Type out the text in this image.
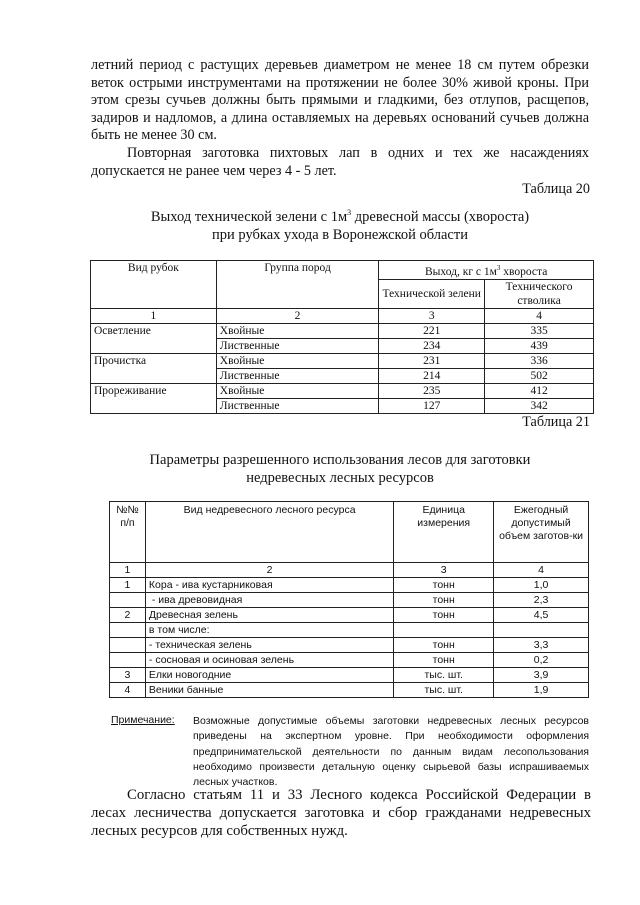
летний период с растущих деревьев диаметром не менее 18 см путем обрезки веток острыми инструментами на протяжении не более 30% живой кроны. При этом срезы сучьев должны быть прямыми и гладкими, без отлупов, расщепов, задиров и надломов, а длина оставляемых на деревьях оснований сучьев должна быть не менее 30 см.

Повторная заготовка пихтовых лап в одних и тех же насаждениях допускается не ранее чем через 4 - 5 лет.

Таблица 20
Выход технической зелени с $1м^3$ древесной массы (хвороста)
при рубках ухода в Воронежской области
Вид рубок	Группа пород	Выход, кг с $1м^3$ хвороста	
		Технической зелени	Технического стволика
1	2	3	4
Осветление	Хвойные	221	335
	Лиственные	234	439
Прочистка	Хвойные	231	336
	Лиственные	214	502
Прореживание	Хвойные	235	412
	Лиственные	127	342
Таблица 21
Параметры разрешенного использования лесов для заготовки
недревесных лесных ресурсов
№№ п/п	Вид недревесного лесного ресурса	Единица измерения	Ежегодный допустимый объем заготов-ки
1	2	3	4
1	Кора - ива кустарниковая	тонн	1,0
	- ива древовидная	тонн	2,3
2	Древесная зелень	тонн	4,5
	в том числе:		
	- техническая зелень	тонн	3,3
	- сосновая и осиновая зелень	тонн	0,2
3	Елки новогодние	тыс. шт.	3,9
4	Веники банные	тыс. шт.	1,9
Примечание: Возможные допустимые объемы заготовки недревесных лесных ресурсов приведены на экспертном уровне. При необходимости оформления предпринимательской деятельности по данным видам лесопользования необходимо произвести детальную оценку сырьевой базы испрашиваемых лесных участков.

Согласно статьям 11 и 33 Лесного кодекса Российской Федерации в лесах лесничества допускается заготовка и сбор гражданами недревесных лесных ресурсов для собственных нужд.
